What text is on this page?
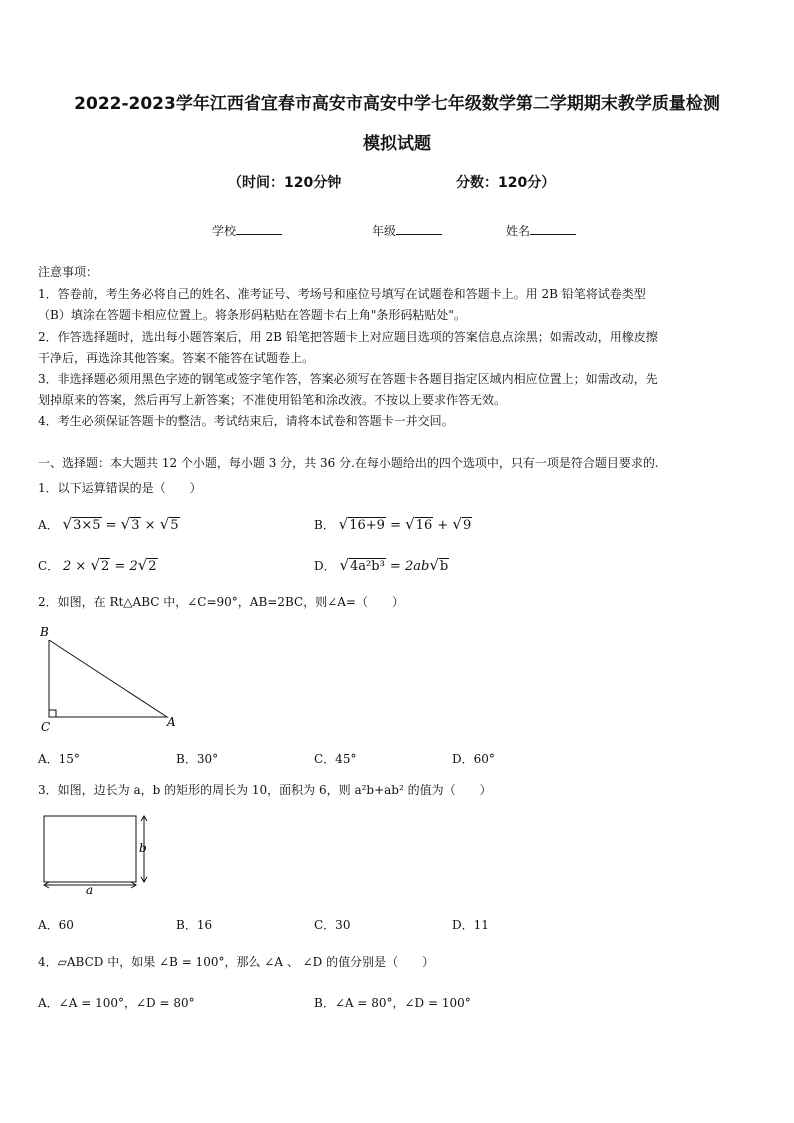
2022-2023学年江西省宜春市高安市高安中学七年级数学第二学期期末教学质量检测
模拟试题
（时间：120分钟	分数：120分）
学校	年级	姓名
注意事项：
1．答卷前，考生务必将自己的姓名、准考证号、考场号和座位号填写在试题卷和答题卡上。用 2B 铅笔将试卷类型
（B）填涂在答题卡相应位置上。将条形码粘贴在答题卡右上角"条形码粘贴处"。
2．作答选择题时，选出每小题答案后，用 2B 铅笔把答题卡上对应题目选项的答案信息点涂黑；如需改动，用橡皮擦
干净后，再选涂其他答案。答案不能答在试题卷上。
3．非选择题必须用黑色字迹的钢笔或签字笔作答，答案必须写在答题卡各题目指定区域内相应位置上；如需改动，先
划掉原来的答案，然后再写上新答案；不准使用铅笔和涂改液。不按以上要求作答无效。
4．考生必须保证答题卡的整洁。考试结束后，请将本试卷和答题卡一并交回。
一、选择题：本大题共 12 个小题，每小题 3 分，共 36 分.在每小题给出的四个选项中，只有一项是符合题目要求的.
1．以下运算错误的是（　　）
A． √3×5 = √3 × √5	B． √16+9 = √16 + √9
C． 2 × √2 = 2√2	D． √4a²b³ = 2ab√b
2．如图，在 Rt△ABC 中，∠C=90°，AB=2BC，则∠A=（　　）
B
C	A
A．15°	B．30°	C．45°	D．60°
3．如图，边长为 a，b 的矩形的周长为 10，面积为 6，则 a²b+ab² 的值为（　　）
b
a
A．60	B．16	C．30	D．11
4．▱ABCD 中，如果 ∠B = 100°，那么 ∠A 、 ∠D 的值分别是（　　）
A．∠A = 100°，∠D = 80°	B．∠A = 80°，∠D = 100°
